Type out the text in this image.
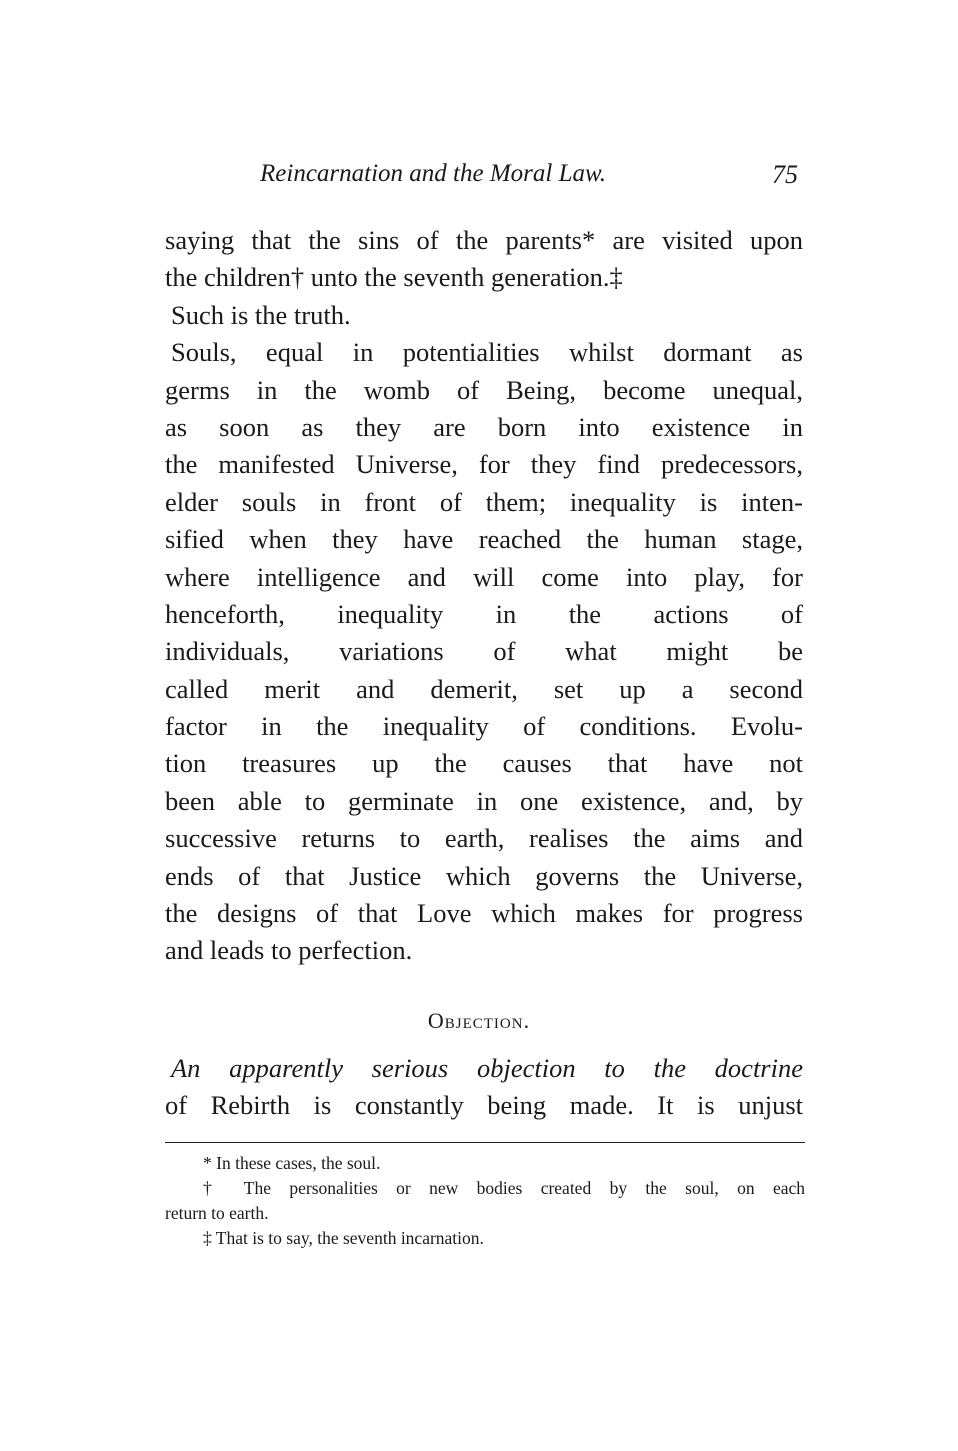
Reincarnation and the Moral Law.	75
saying that the sins of the parents* are visited upon
the children† unto the seventh generation.‡
Such is the truth.
Souls, equal in potentialities whilst dormant as
germs in the womb of Being, become unequal,
as soon as they are born into existence in
the manifested Universe, for they find predecessors,
elder souls in front of them; inequality is inten-
sified when they have reached the human stage,
where intelligence and will come into play, for
henceforth, inequality in the actions of
individuals, variations of what might be
called merit and demerit, set up a second
factor in the inequality of conditions. Evolu-
tion treasures up the causes that have not
been able to germinate in one existence, and, by
successive returns to earth, realises the aims and
ends of that Justice which governs the Universe,
the designs of that Love which makes for progress
and leads to perfection.
Objection.
An apparently serious objection to the doctrine
of Rebirth is constantly being made. It is unjust
* In these cases, the soul.
† The personalities or new bodies created by the soul, on each
return to earth.
‡ That is to say, the seventh incarnation.
